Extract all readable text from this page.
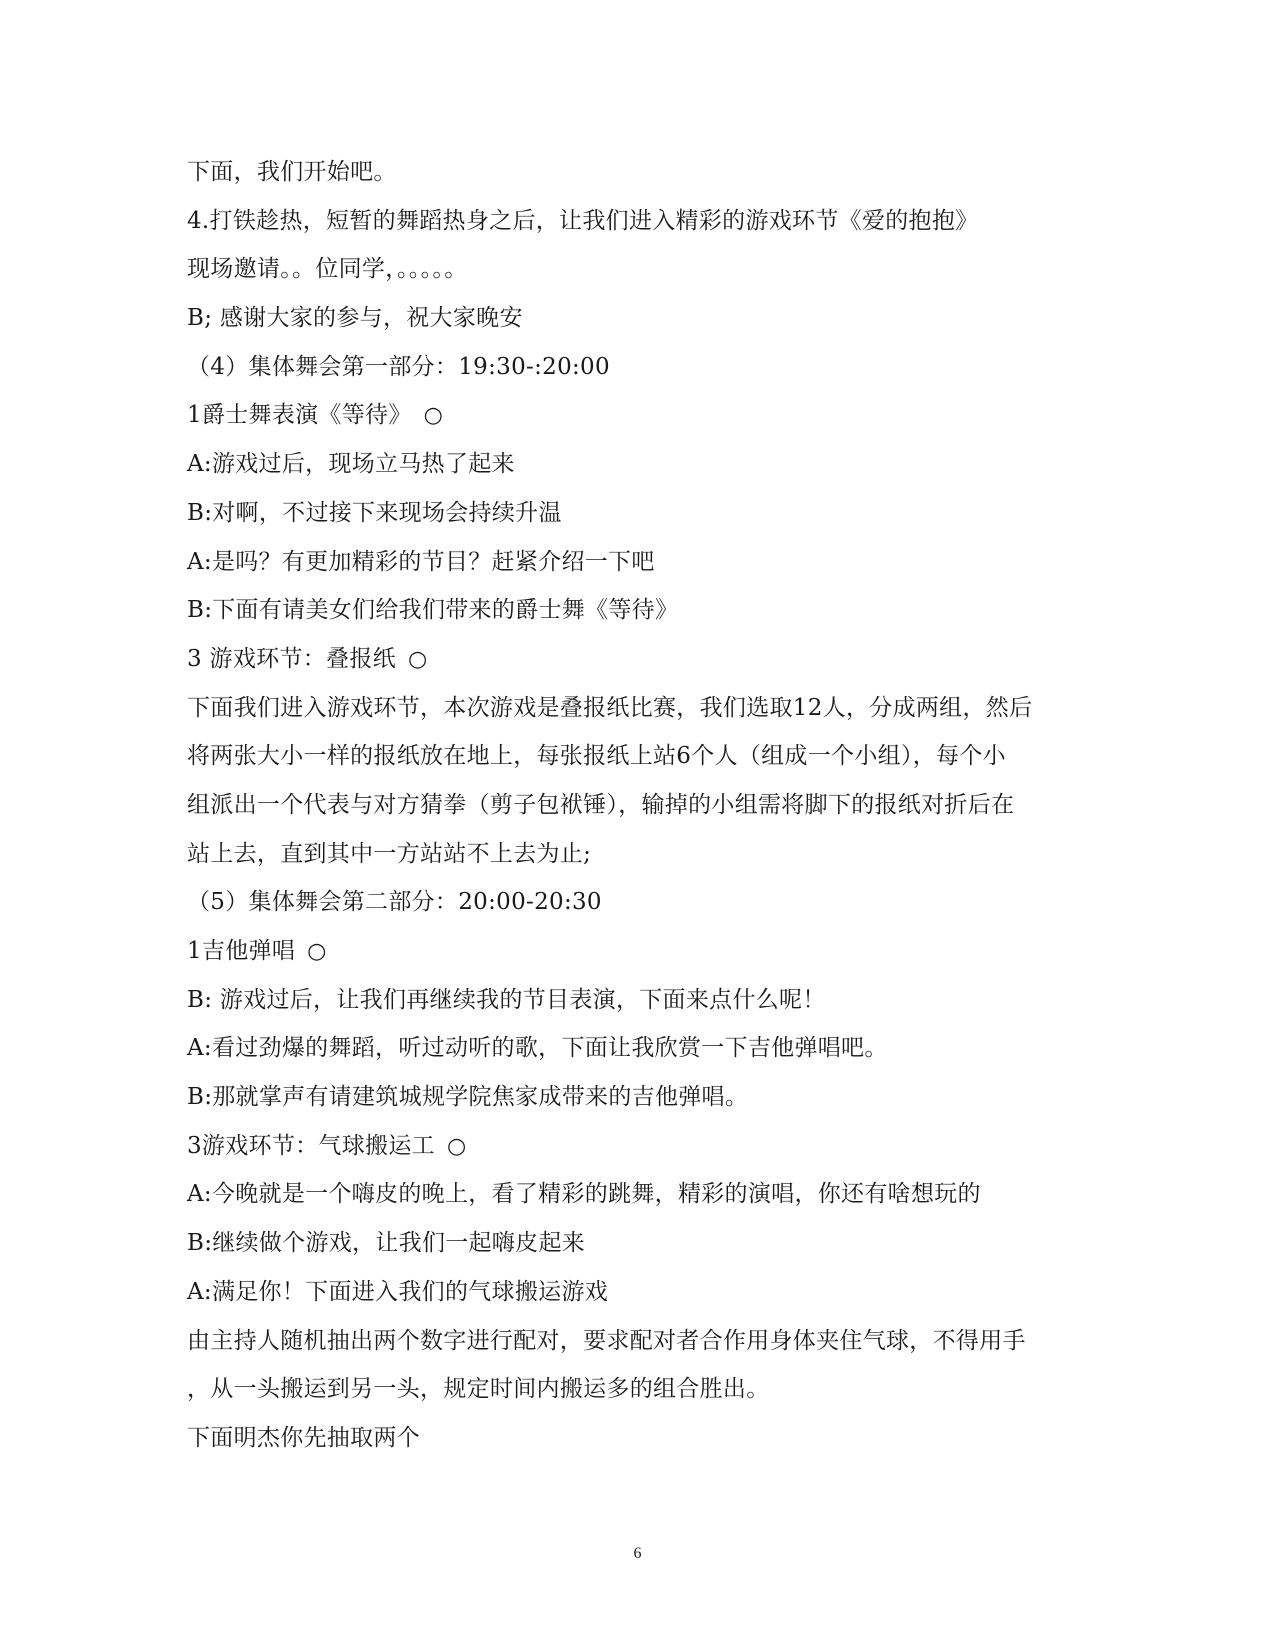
下面，我们开始吧。
4.打铁趁热，短暂的舞蹈热身之后，让我们进入精彩的游戏环节《爱的抱抱》
现场邀请。。位同学，。。。。。
B; 感谢大家的参与，祝大家晚安
（4）集体舞会第一部分：19:30-:20:00
1爵士舞表演《等待》 ○
A:游戏过后，现场立马热了起来
B:对啊，不过接下来现场会持续升温
A:是吗？有更加精彩的节目？赶紧介绍一下吧
B:下面有请美女们给我们带来的爵士舞《等待》
3 游戏环节：叠报纸 ○
下面我们进入游戏环节，本次游戏是叠报纸比赛，我们选取12人，分成两组，然后
将两张大小一样的报纸放在地上，每张报纸上站6个人（组成一个小组），每个小
组派出一个代表与对方猜拳（剪子包袱锤），输掉的小组需将脚下的报纸对折后在
站上去，直到其中一方站站不上去为止;
（5）集体舞会第二部分：20:00-20:30
1吉他弹唱 ○
B: 游戏过后，让我们再继续我的节目表演，下面来点什么呢！
A:看过劲爆的舞蹈，听过动听的歌，下面让我欣赏一下吉他弹唱吧。
B:那就掌声有请建筑城规学院焦家成带来的吉他弹唱。
3游戏环节：气球搬运工 ○
A:今晚就是一个嗨皮的晚上，看了精彩的跳舞，精彩的演唱，你还有啥想玩的
B:继续做个游戏，让我们一起嗨皮起来
A:满足你！下面进入我们的气球搬运游戏
由主持人随机抽出两个数字进行配对，要求配对者合作用身体夹住气球，不得用手
，从一头搬运到另一头，规定时间内搬运多的组合胜出。
下面明杰你先抽取两个
6
